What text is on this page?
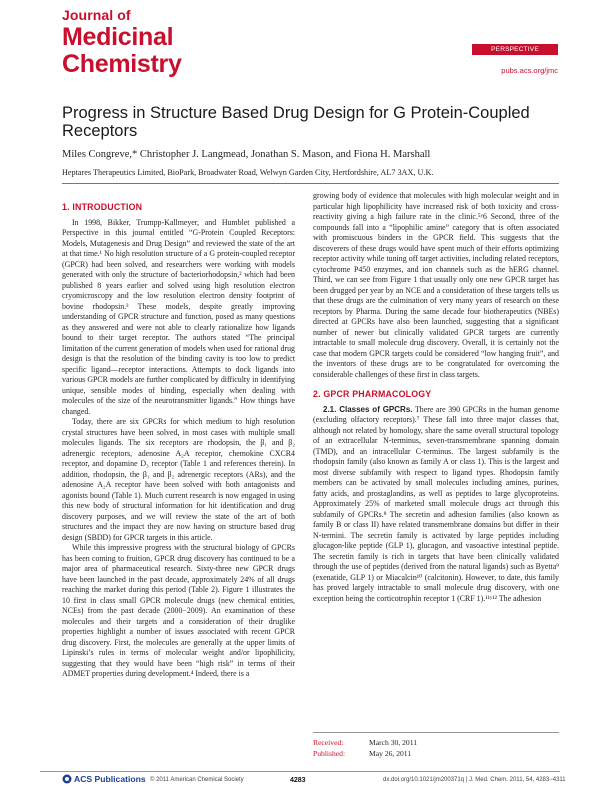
Journal of
Medicinal
Chemistry
PERSPECTIVE
pubs.acs.org/jmc
Progress in Structure Based Drug Design for G Protein-Coupled Receptors
Miles Congreve,* Christopher J. Langmead, Jonathan S. Mason, and Fiona H. Marshall
Heptares Therapeutics Limited, BioPark, Broadwater Road, Welwyn Garden City, Hertfordshire, AL7 3AX, U.K.
1. INTRODUCTION

In 1998, Bikker, Trumpp-Kallmeyer, and Humblet published a Perspective in this journal entitled “G-Protein Coupled Receptors: Models, Mutagenesis and Drug Design” and reviewed the state of the art at that time.¹ No high resolution structure of a G protein-coupled receptor (GPCR) had been solved, and researchers were working with models generated with only the structure of bacteriorhodopsin,² which had been published 8 years earlier and solved using high resolution electron cryomicroscopy and the low resolution electron density footprint of bovine rhodopsin.³ These models, despite greatly improving understanding of GPCR structure and function, posed as many questions as they answered and were not able to clearly rationalize how ligands bound to their target receptor. The authors stated “The principal limitation of the current generation of models when used for rational drug design is that the resolution of the binding cavity is too low to predict specific ligand—receptor interactions. Attempts to dock ligands into various GPCR models are further complicated by difficulty in identifying unique, sensible modes of binding, especially when dealing with molecules of the size of the neurotransmitter ligands.” How things have changed.

Today, there are six GPCRs for which medium to high resolution crystal structures have been solved, in most cases with multiple small molecules ligands. The six receptors are rhodopsin, the β₁ and β₂ adrenergic receptors, adenosine A₂A receptor, chemokine CXCR4 receptor, and dopamine D₃ receptor (Table 1 and references therein). In addition, rhodopsin, the β₁ and β₂ adrenergic receptors (ARs), and the adenosine A₂A receptor have been solved with both antagonists and agonists bound (Table 1). Much current research is now engaged in using this new body of structural information for hit identification and drug discovery purposes, and we will review the state of the art of both structures and the impact they are now having on structure based drug design (SBDD) for GPCR targets in this article.

While this impressive progress with the structural biology of GPCRs has been coming to fruition, GPCR drug discovery has continued to be a major area of pharmaceutical research. Sixty-three new GPCR drugs have been launched in the past decade, approximately 24% of all drugs reaching the market during this period (Table 2). Figure 1 illustrates the 10 first in class small GPCR molecule drugs (new chemical entities, NCEs) from the past decade (2000−2009). An examination of these molecules and their targets and a consideration of their druglike properties highlight a number of issues associated with recent GPCR drug discovery. First, the molecules are generally at the upper limits of Lipinski’s rules in terms of molecular weight and/or lipophilicity, suggesting that they would have been “high risk” in terms of their ADMET properties during development.⁴ Indeed, there is a

growing body of evidence that molecules with high molecular weight and in particular high lipophilicity have increased risk of both toxicity and cross-reactivity giving a high failure rate in the clinic.⁵ʸ6 Second, three of the compounds fall into a “lipophilic amine” category that is often associated with promiscuous binders in the GPCR field. This suggests that the discoverers of these drugs would have spent much of their efforts optimizing receptor activity while tuning off target activities, including related receptors, cytochrome P450 enzymes, and ion channels such as the hERG channel. Third, we can see from Figure 1 that usually only one new GPCR target has been drugged per year by an NCE and a consideration of these targets tells us that these drugs are the culmination of very many years of research on these receptors by Pharma. During the same decade four biotherapeutics (NBEs) directed at GPCRs have also been launched, suggesting that a significant number of newer but clinically validated GPCR targets are currently intractable to small molecule drug discovery. Overall, it is certainly not the case that modern GPCR targets could be considered “low hanging fruit”, and the inventors of these drugs are to be congratulated for overcoming the considerable challenges of these first in class targets.

2. GPCR PHARMACOLOGY

2.1. Classes of GPCRs. There are 390 GPCRs in the human genome (excluding olfactory receptors).⁷ These fall into three major classes that, although not related by homology, share the same overall structural topology of an extracellular N-terminus, seven-transmembrane spanning domain (TMD), and an intracellular C-terminus. The largest subfamily is the rhodopsin family (also known as family A or class 1). This is the largest and most diverse subfamily with respect to ligand types. Rhodopsin family members can be activated by small molecules including amines, purines, fatty acids, and prostaglandins, as well as peptides to large glycoproteins. Approximately 25% of marketed small molecule drugs act through this subfamily of GPCRs.⁸ The secretin and adhesion families (also known as family B or class II) have related transmembrane domains but differ in their N-termini. The secretin family is activated by large peptides including glucagon-like peptide (GLP 1), glucagon, and vasoactive intestinal peptide. The secretin family is rich in targets that have been clinically validated through the use of peptides (derived from the natural ligands) such as Byetta⁹ (exenatide, GLP 1) or Miacalcin¹⁰ (calcitonin). However, to date, this family has proved largely intractable to small molecule drug discovery, with one exception being the corticotrophin receptor 1 (CRF 1).¹¹ʸ¹² The adhesion

Received:	March 30, 2011
Published:	May 26, 2011
ACS Publications © 2011 American Chemical Society	4283	dx.doi.org/10.1021/jm200371q | J. Med. Chem. 2011, 54, 4283−4311
